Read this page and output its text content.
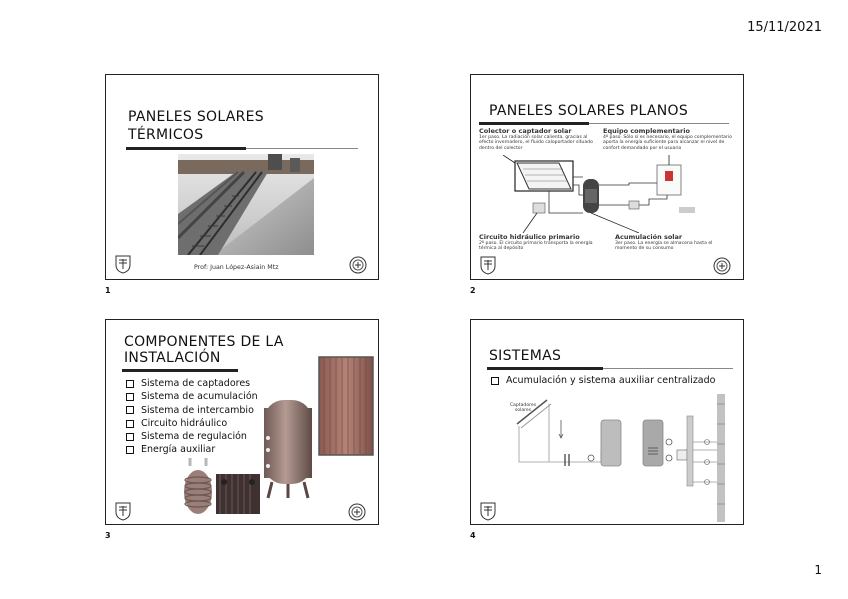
15/11/2021
PANELES SOLARES
TÉRMICOS
Prof: Juan López-Asiain Mtz
1
PANELES SOLARES PLANOS
Colector o captador solar
1er paso. La radiación solar calienta, gracias al efecto invernadero, el fluido caloportador situado dentro del colector
Equipo complementario
4º paso. Sólo si es necesario, el equipo complementario aporta la energía suficiente para alcanzar el nivel de confort demandado por el usuario
Circuito hidráulico primario
2º paso. El circuito primario transporta la energía térmica al depósito
Acumulación solar
3er paso. La energía se almacena hasta el momento de su consumo
2
COMPONENTES DE LA
INSTALACIÓN
Sistema de captadores
Sistema de acumulación
Sistema de intercambio
Circuito hidráulico
Sistema de regulación
Energía auxiliar
3
SISTEMAS
Acumulación y sistema auxiliar centralizado
Captadores solares
4
1
